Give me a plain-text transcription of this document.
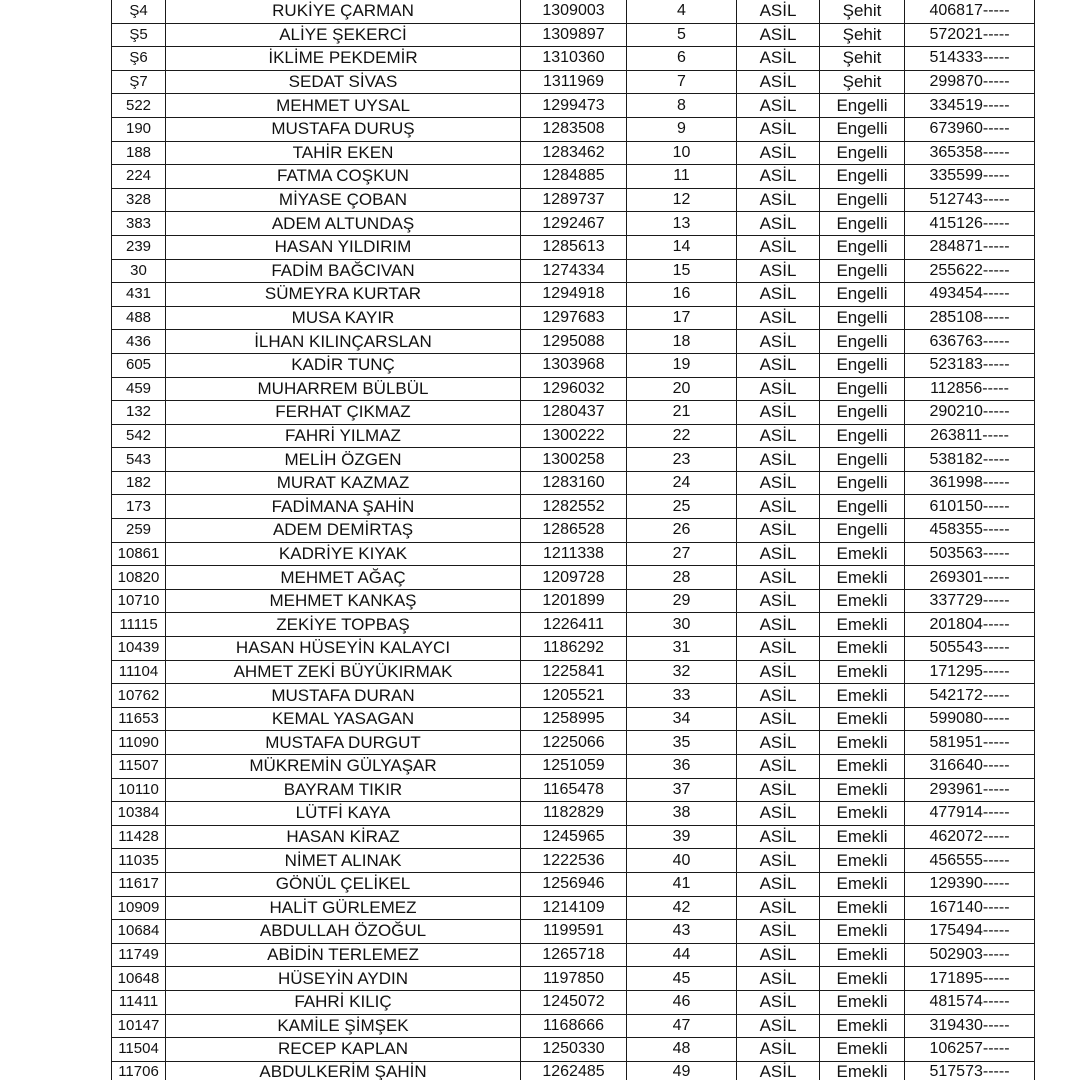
Ş4	RUKİYE ÇARMAN	1309003	4	ASİL	Şehit	406817-----
Ş5	ALİYE ŞEKERCİ	1309897	5	ASİL	Şehit	572021-----
Ş6	İKLİME PEKDEMİR	1310360	6	ASİL	Şehit	514333-----
Ş7	SEDAT SİVAS	1311969	7	ASİL	Şehit	299870-----
522	MEHMET UYSAL	1299473	8	ASİL	Engelli	334519-----
190	MUSTAFA DURUŞ	1283508	9	ASİL	Engelli	673960-----
188	TAHİR EKEN	1283462	10	ASİL	Engelli	365358-----
224	FATMA COŞKUN	1284885	11	ASİL	Engelli	335599-----
328	MİYASE ÇOBAN	1289737	12	ASİL	Engelli	512743-----
383	ADEM ALTUNDAŞ	1292467	13	ASİL	Engelli	415126-----
239	HASAN YILDIRIM	1285613	14	ASİL	Engelli	284871-----
30	FADİM BAĞCIVAN	1274334	15	ASİL	Engelli	255622-----
431	SÜMEYRA KURTAR	1294918	16	ASİL	Engelli	493454-----
488	MUSA KAYIR	1297683	17	ASİL	Engelli	285108-----
436	İLHAN KILINÇARSLAN	1295088	18	ASİL	Engelli	636763-----
605	KADİR TUNÇ	1303968	19	ASİL	Engelli	523183-----
459	MUHARREM BÜLBÜL	1296032	20	ASİL	Engelli	112856-----
132	FERHAT ÇIKMAZ	1280437	21	ASİL	Engelli	290210-----
542	FAHRİ YILMAZ	1300222	22	ASİL	Engelli	263811-----
543	MELİH ÖZGEN	1300258	23	ASİL	Engelli	538182-----
182	MURAT KAZMAZ	1283160	24	ASİL	Engelli	361998-----
173	FADİMANA ŞAHİN	1282552	25	ASİL	Engelli	610150-----
259	ADEM DEMİRTAŞ	1286528	26	ASİL	Engelli	458355-----
10861	KADRİYE KIYAK	1211338	27	ASİL	Emekli	503563-----
10820	MEHMET AĞAÇ	1209728	28	ASİL	Emekli	269301-----
10710	MEHMET KANKAŞ	1201899	29	ASİL	Emekli	337729-----
11115	ZEKİYE TOPBAŞ	1226411	30	ASİL	Emekli	201804-----
10439	HASAN HÜSEYİN KALAYCI	1186292	31	ASİL	Emekli	505543-----
11104	AHMET ZEKİ BÜYÜKIRMAK	1225841	32	ASİL	Emekli	171295-----
10762	MUSTAFA DURAN	1205521	33	ASİL	Emekli	542172-----
11653	KEMAL YASAGAN	1258995	34	ASİL	Emekli	599080-----
11090	MUSTAFA DURGUT	1225066	35	ASİL	Emekli	581951-----
11507	MÜKREMİN GÜLYAŞAR	1251059	36	ASİL	Emekli	316640-----
10110	BAYRAM TIKIR	1165478	37	ASİL	Emekli	293961-----
10384	LÜTFİ KAYA	1182829	38	ASİL	Emekli	477914-----
11428	HASAN KİRAZ	1245965	39	ASİL	Emekli	462072-----
11035	NİMET ALINAK	1222536	40	ASİL	Emekli	456555-----
11617	GÖNÜL ÇELİKEL	1256946	41	ASİL	Emekli	129390-----
10909	HALİT GÜRLEMEZ	1214109	42	ASİL	Emekli	167140-----
10684	ABDULLAH ÖZOĞUL	1199591	43	ASİL	Emekli	175494-----
11749	ABİDİN TERLEMEZ	1265718	44	ASİL	Emekli	502903-----
10648	HÜSEYİN AYDIN	1197850	45	ASİL	Emekli	171895-----
11411	FAHRİ KILIÇ	1245072	46	ASİL	Emekli	481574-----
10147	KAMİLE ŞİMŞEK	1168666	47	ASİL	Emekli	319430-----
11504	RECEP KAPLAN	1250330	48	ASİL	Emekli	106257-----
11706	ABDULKERİM ŞAHİN	1262485	49	ASİL	Emekli	517573-----
